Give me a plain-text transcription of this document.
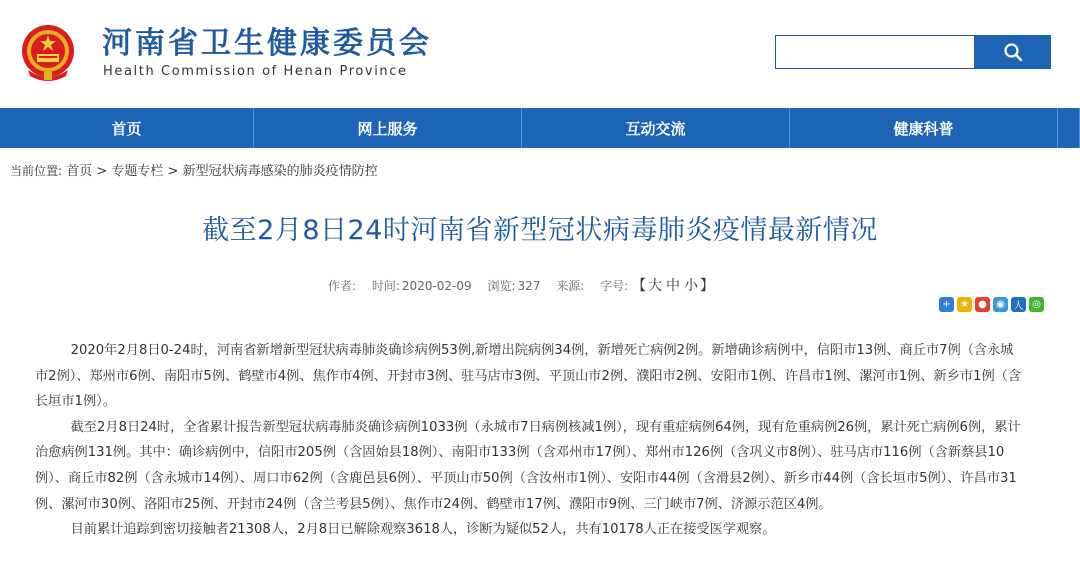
河南省卫生健康委员会
Health Commission of Henan Province
首页	网上服务	互动交流	健康科普
当前位置: 首页 > 专题专栏 > 新型冠状病毒感染的肺炎疫情防控
截至2月8日24时河南省新型冠状病毒肺炎疫情最新情况
作者: 时间: 2020-02-09 浏览: 327 来源: 字号: 【 大 中 小 】
+ ★ ● ◉ 人 ◎

2020年2月8日0-24时，河南省新增新型冠状病毒肺炎确诊病例53例,新增出院病例34例，新增死亡病例2例。新增确诊病例中，信阳市13例、商丘市7例（含永城市2例）、郑州市6例、南阳市5例、鹤壁市4例、焦作市4例、开封市3例、驻马店市3例、平顶山市2例、濮阳市2例、安阳市1例、许昌市1例、漯河市1例、新乡市1例（含长垣市1例）。

截至2月8日24时，全省累计报告新型冠状病毒肺炎确诊病例1033例（永城市7日病例核减1例），现有重症病例64例，现有危重病例26例，累计死亡病例6例，累计治愈病例131例。其中：确诊病例中，信阳市205例（含固始县18例）、南阳市133例（含邓州市17例）、郑州市126例（含巩义市8例）、驻马店市116例（含新蔡县10例）、商丘市82例（含永城市14例）、周口市62例（含鹿邑县6例）、平顶山市50例（含汝州市1例）、安阳市44例（含滑县2例）、新乡市44例（含长垣市5例）、许昌市31例、漯河市30例、洛阳市25例、开封市24例（含兰考县5例）、焦作市24例、鹤壁市17例、濮阳市9例、三门峡市7例、济源示范区4例。

目前累计追踪到密切接触者21308人，2月8日已解除观察3618人，诊断为疑似52人，共有10178人正在接受医学观察。
